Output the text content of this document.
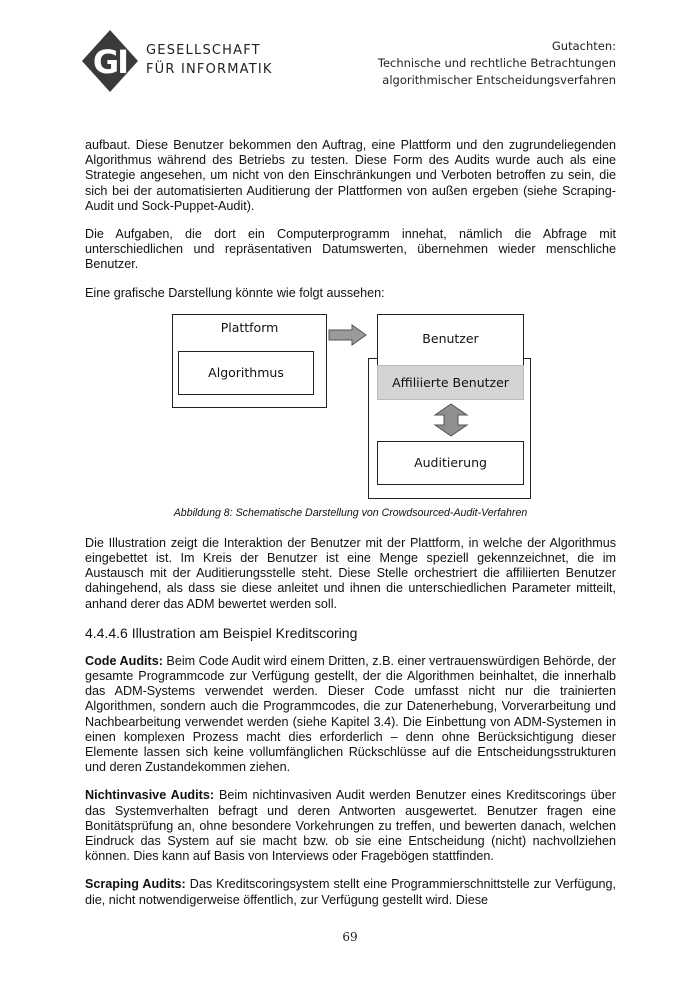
GI GESELLSCHAFT
FÜR INFORMATIK
Gutachten:
Technische und rechtliche Betrachtungen
algorithmischer Entscheidungsverfahren

aufbaut. Diese Benutzer bekommen den Auftrag, eine Plattform und den zugrundeliegenden Algorithmus während des Betriebs zu testen. Diese Form des Audits wurde auch als eine Strategie angesehen, um nicht von den Einschränkungen und Verboten betroffen zu sein, die sich bei der automatisierten Auditierung der Plattformen von außen ergeben (siehe Scraping-Audit und Sock-Puppet-Audit).

Die Aufgaben, die dort ein Computerprogramm innehat, nämlich die Abfrage mit unterschiedlichen und repräsentativen Datumswerten, übernehmen wieder menschliche Benutzer.

Eine grafische Darstellung könnte wie folgt aussehen:

Plattform
Algorithmus
Benutzer
Affiliierte Benutzer
Auditierung
Abbildung 8: Schematische Darstellung von Crowdsourced-Audit-Verfahren

Die Illustration zeigt die Interaktion der Benutzer mit der Plattform, in welche der Algorithmus eingebettet ist. Im Kreis der Benutzer ist eine Menge speziell gekennzeichnet, die im Austausch mit der Auditierungsstelle steht. Diese Stelle orchestriert die affiliierten Benutzer dahingehend, als dass sie diese anleitet und ihnen die unterschiedlichen Parameter mitteilt, anhand derer das ADM bewertet werden soll.

4.4.4.6 Illustration am Beispiel Kreditscoring

Code Audits: Beim Code Audit wird einem Dritten, z.B. einer vertrauenswürdigen Behörde, der gesamte Programmcode zur Verfügung gestellt, der die Algorithmen beinhaltet, die innerhalb das ADM-Systems verwendet werden. Dieser Code umfasst nicht nur die trainierten Algorithmen, sondern auch die Programmcodes, die zur Datenerhebung, Vorverarbeitung und Nachbearbeitung verwendet werden (siehe Kapitel 3.4). Die Einbettung von ADM-Systemen in einen komplexen Prozess macht dies erforderlich – denn ohne Berücksichtigung dieser Elemente lassen sich keine vollumfänglichen Rückschlüsse auf die Entscheidungsstrukturen und deren Zustandekommen ziehen.

Nichtinvasive Audits: Beim nichtinvasiven Audit werden Benutzer eines Kreditscorings über das Systemverhalten befragt und deren Antworten ausgewertet. Benutzer fragen eine Bonitätsprüfung an, ohne besondere Vorkehrungen zu treffen, und bewerten danach, welchen Eindruck das System auf sie macht bzw. ob sie eine Entscheidung (nicht) nachvollziehen können. Dies kann auf Basis von Interviews oder Fragebögen stattfinden.

Scraping Audits: Das Kreditscoringsystem stellt eine Programmierschnittstelle zur Verfügung, die, nicht notwendigerweise öffentlich, zur Verfügung gestellt wird. Diese

69
